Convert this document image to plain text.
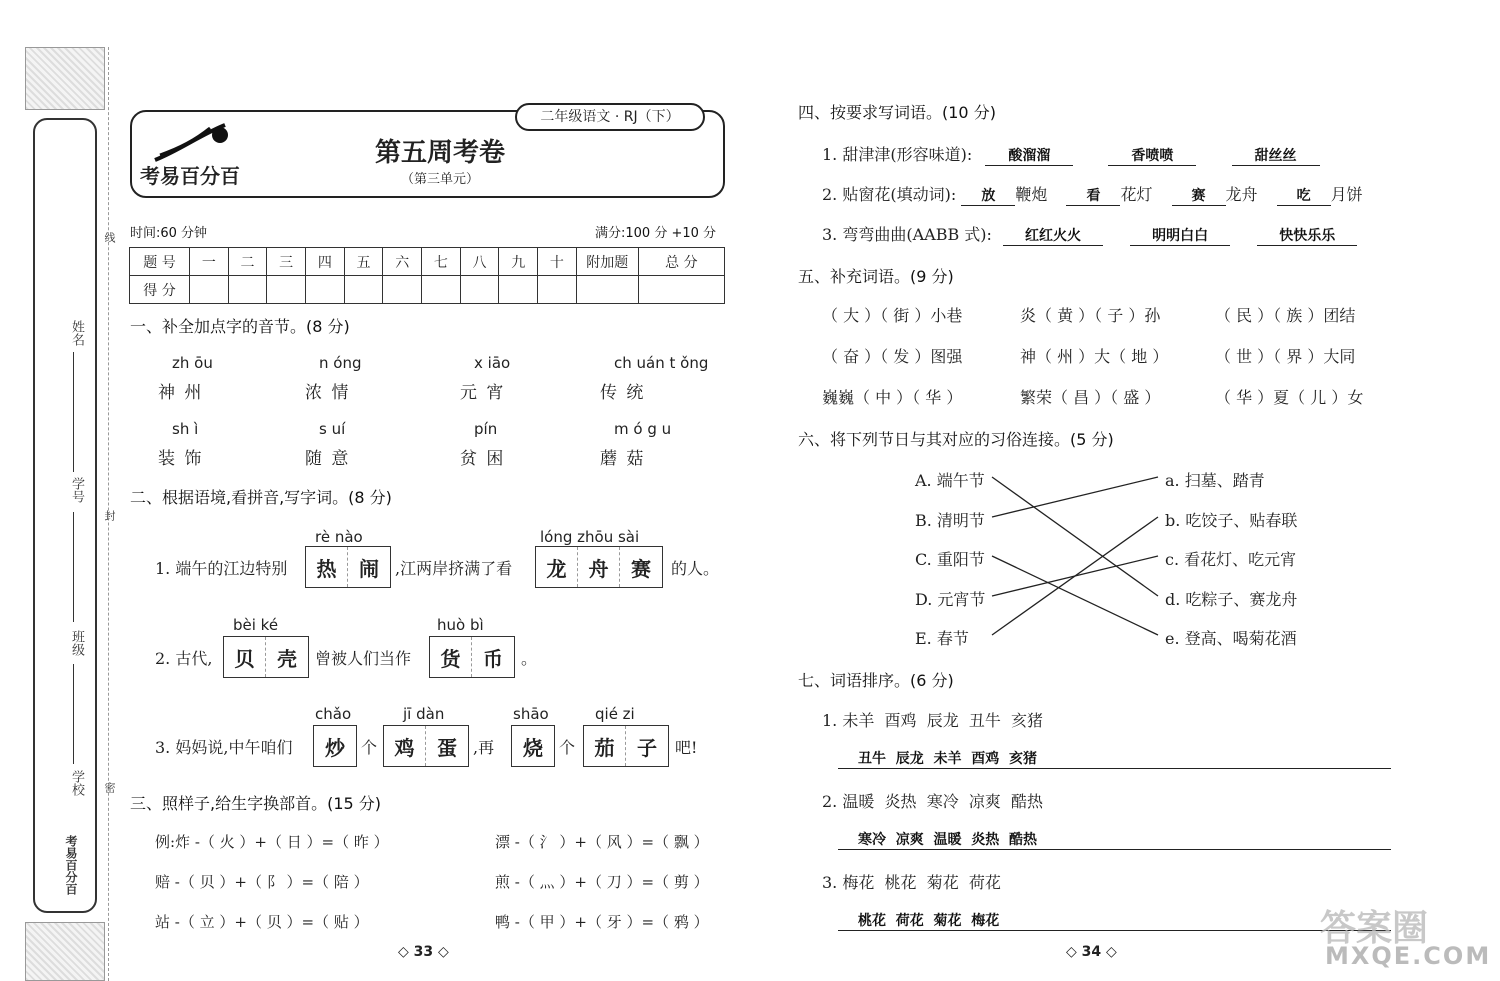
姓名
学号
班级
学校
考易百分百
线
封
密
考易百分百
二年级语文 · RJ（下）
第五周考卷
（第三单元）
时间:60 分钟	满分:100 分 +10 分
题 号	一	二	三	四	五	六	七	八	九	十	附加题	总 分
得 分												
一、补全加点字的音节。(8 分)
zh ōu
神 州
n óng
浓 情
x iāo
元 宵
ch uán t ǒng
传 统
sh ì
装 饰
s uí
随 意
pín
贫 困
m ó g u
蘑 菇
二、根据语境,看拼音,写字词。(8 分)
1. 端午的江边特别
rè nào
热	闹	,江两岸挤满了看
lóng zhōu sài
龙	舟	赛	的人。
2. 古代,
bèi ké
贝	壳	曾被人们当作
huò bì
货	币	。
3. 妈妈说,中午咱们
chǎo
炒	个
jī dàn
鸡	蛋	,再
shāo
烧	个
qié zi
茄	子	吧!
三、照样子,给生字换部首。(15 分)
例:炸 -（ 火 ）+（ 日 ）=（ 昨 ）
赔 -（ 贝 ）+（ 阝 ）=（ 陪 ）
站 -（ 立 ）+（ 贝 ）=（ 贴 ）
漂 -（ 氵 ）+（ 风 ）=（ 飘 ）
煎 -（ 灬 ）+（ 刀 ）=（ 剪 ）
鸭 -（ 甲 ）+（ 牙 ）=（ 鸦 ）
◇ 33 ◇
四、按要求写词语。(10 分)
1. 甜津津(形容味道):	酸溜溜	香喷喷	甜丝丝
2. 贴窗花(填动词): 放 鞭炮	看 花灯	赛 龙舟	吃 月饼
3. 弯弯曲曲(AABB 式): 红红火火	明明白白	快快乐乐
五、补充词语。(9 分)
（ 大 ）（ 街 ）小巷	炎（ 黄 ）（ 子 ）孙	（ 民 ）（ 族 ）团结
（ 奋 ）（ 发 ）图强	神（ 州 ）大（ 地 ）	（ 世 ）（ 界 ）大同
巍巍（ 中 ）（ 华 ）	繁荣（ 昌 ）（ 盛 ）	（ 华 ）夏（ 儿 ）女
六、将下列节日与其对应的习俗连接。(5 分)
A. 端午节
B. 清明节
C. 重阳节
D. 元宵节
E. 春节
a. 扫墓、踏青
b. 吃饺子、贴春联
c. 看花灯、吃元宵
d. 吃粽子、赛龙舟
e. 登高、喝菊花酒
七、词语排序。(6 分)
1. 未羊  酉鸡  辰龙  丑牛  亥猪
丑牛  辰龙  未羊  酉鸡  亥猪
2. 温暖  炎热  寒冷  凉爽  酷热
寒冷  凉爽  温暖  炎热  酷热
3. 梅花  桃花  菊花  荷花
桃花  荷花  菊花  梅花
◇ 34 ◇
答案圈
MXQE.COM
